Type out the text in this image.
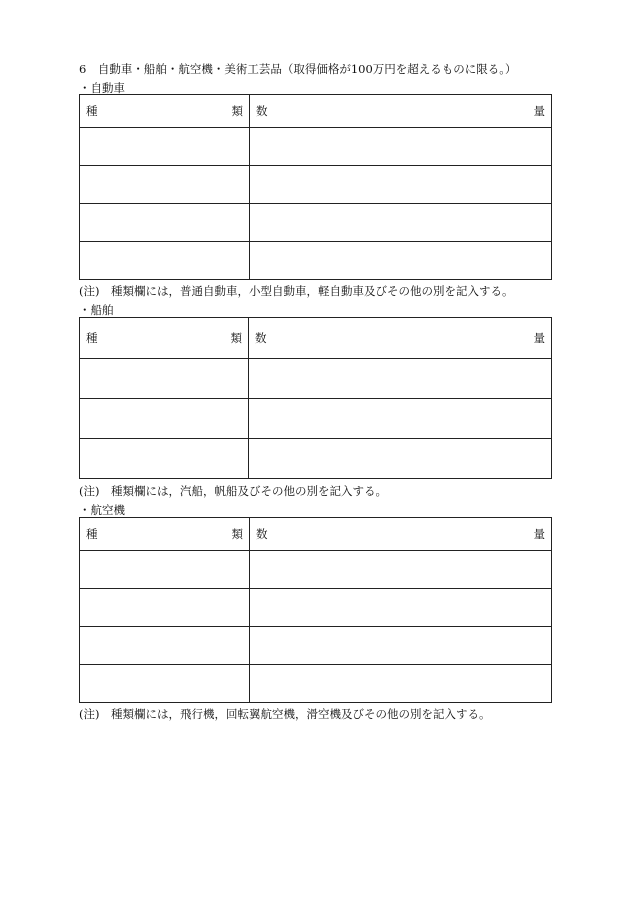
6　自動車・船舶・航空機・美術工芸品（取得価格が100万円を超えるものに限る。）
・自動車
種 類	数 量

(注)　種類欄には，普通自動車，小型自動車，軽自動車及びその他の別を記入する。
・船舶
種 類	数 量

(注)　種類欄には，汽船，帆船及びその他の別を記入する。
・航空機
種 類	数 量

(注)　種類欄には，飛行機，回転翼航空機，滑空機及びその他の別を記入する。
